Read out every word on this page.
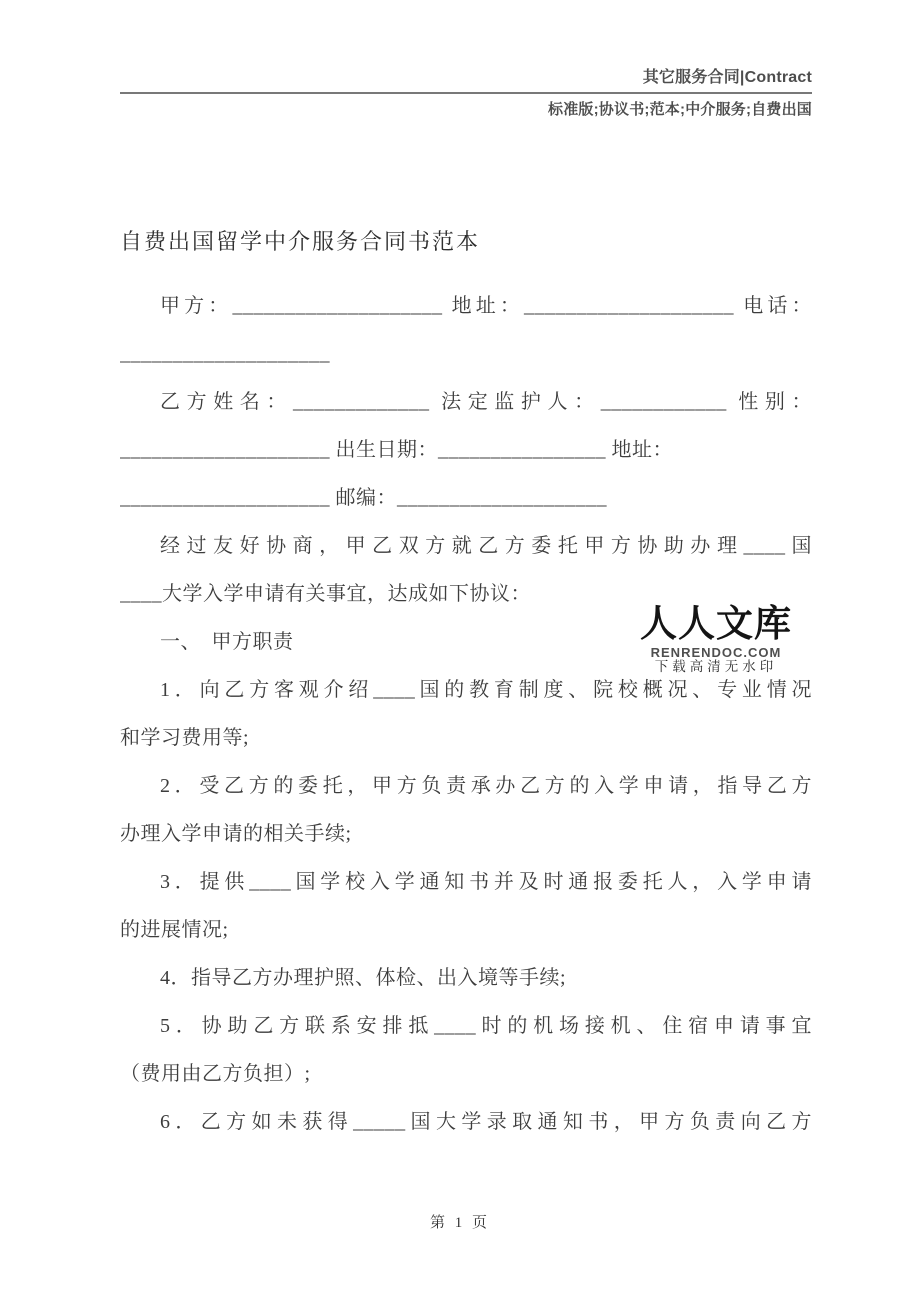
其它服务合同|Contract
标准版;协议书;范本;中介服务;自费出国
自费出国留学中介服务合同书范本
甲方：____________________ 地址：____________________ 电话：
____________________
乙方姓名：_____________ 法定监护人：____________ 性别：
____________________ 出生日期：________________ 地址：
____________________ 邮编：____________________
经过友好协商，甲乙双方就乙方委托甲方协助办理____国
____大学入学申请有关事宜，达成如下协议：
一、　甲方职责
1．向乙方客观介绍____国的教育制度、院校概况、专业情况
和学习费用等;
2．受乙方的委托，甲方负责承办乙方的入学申请，指导乙方
办理入学申请的相关手续;
3．提供____国学校入学通知书并及时通报委托人，入学申请
的进展情况;
4．指导乙方办理护照、体检、出入境等手续;
5．协助乙方联系安排抵____时的机场接机、住宿申请事宜
（费用由乙方负担）;
6．乙方如未获得_____国大学录取通知书，甲方负责向乙方
人人文库
RENRENDOC.COM
下载高清无水印
第 1 页
